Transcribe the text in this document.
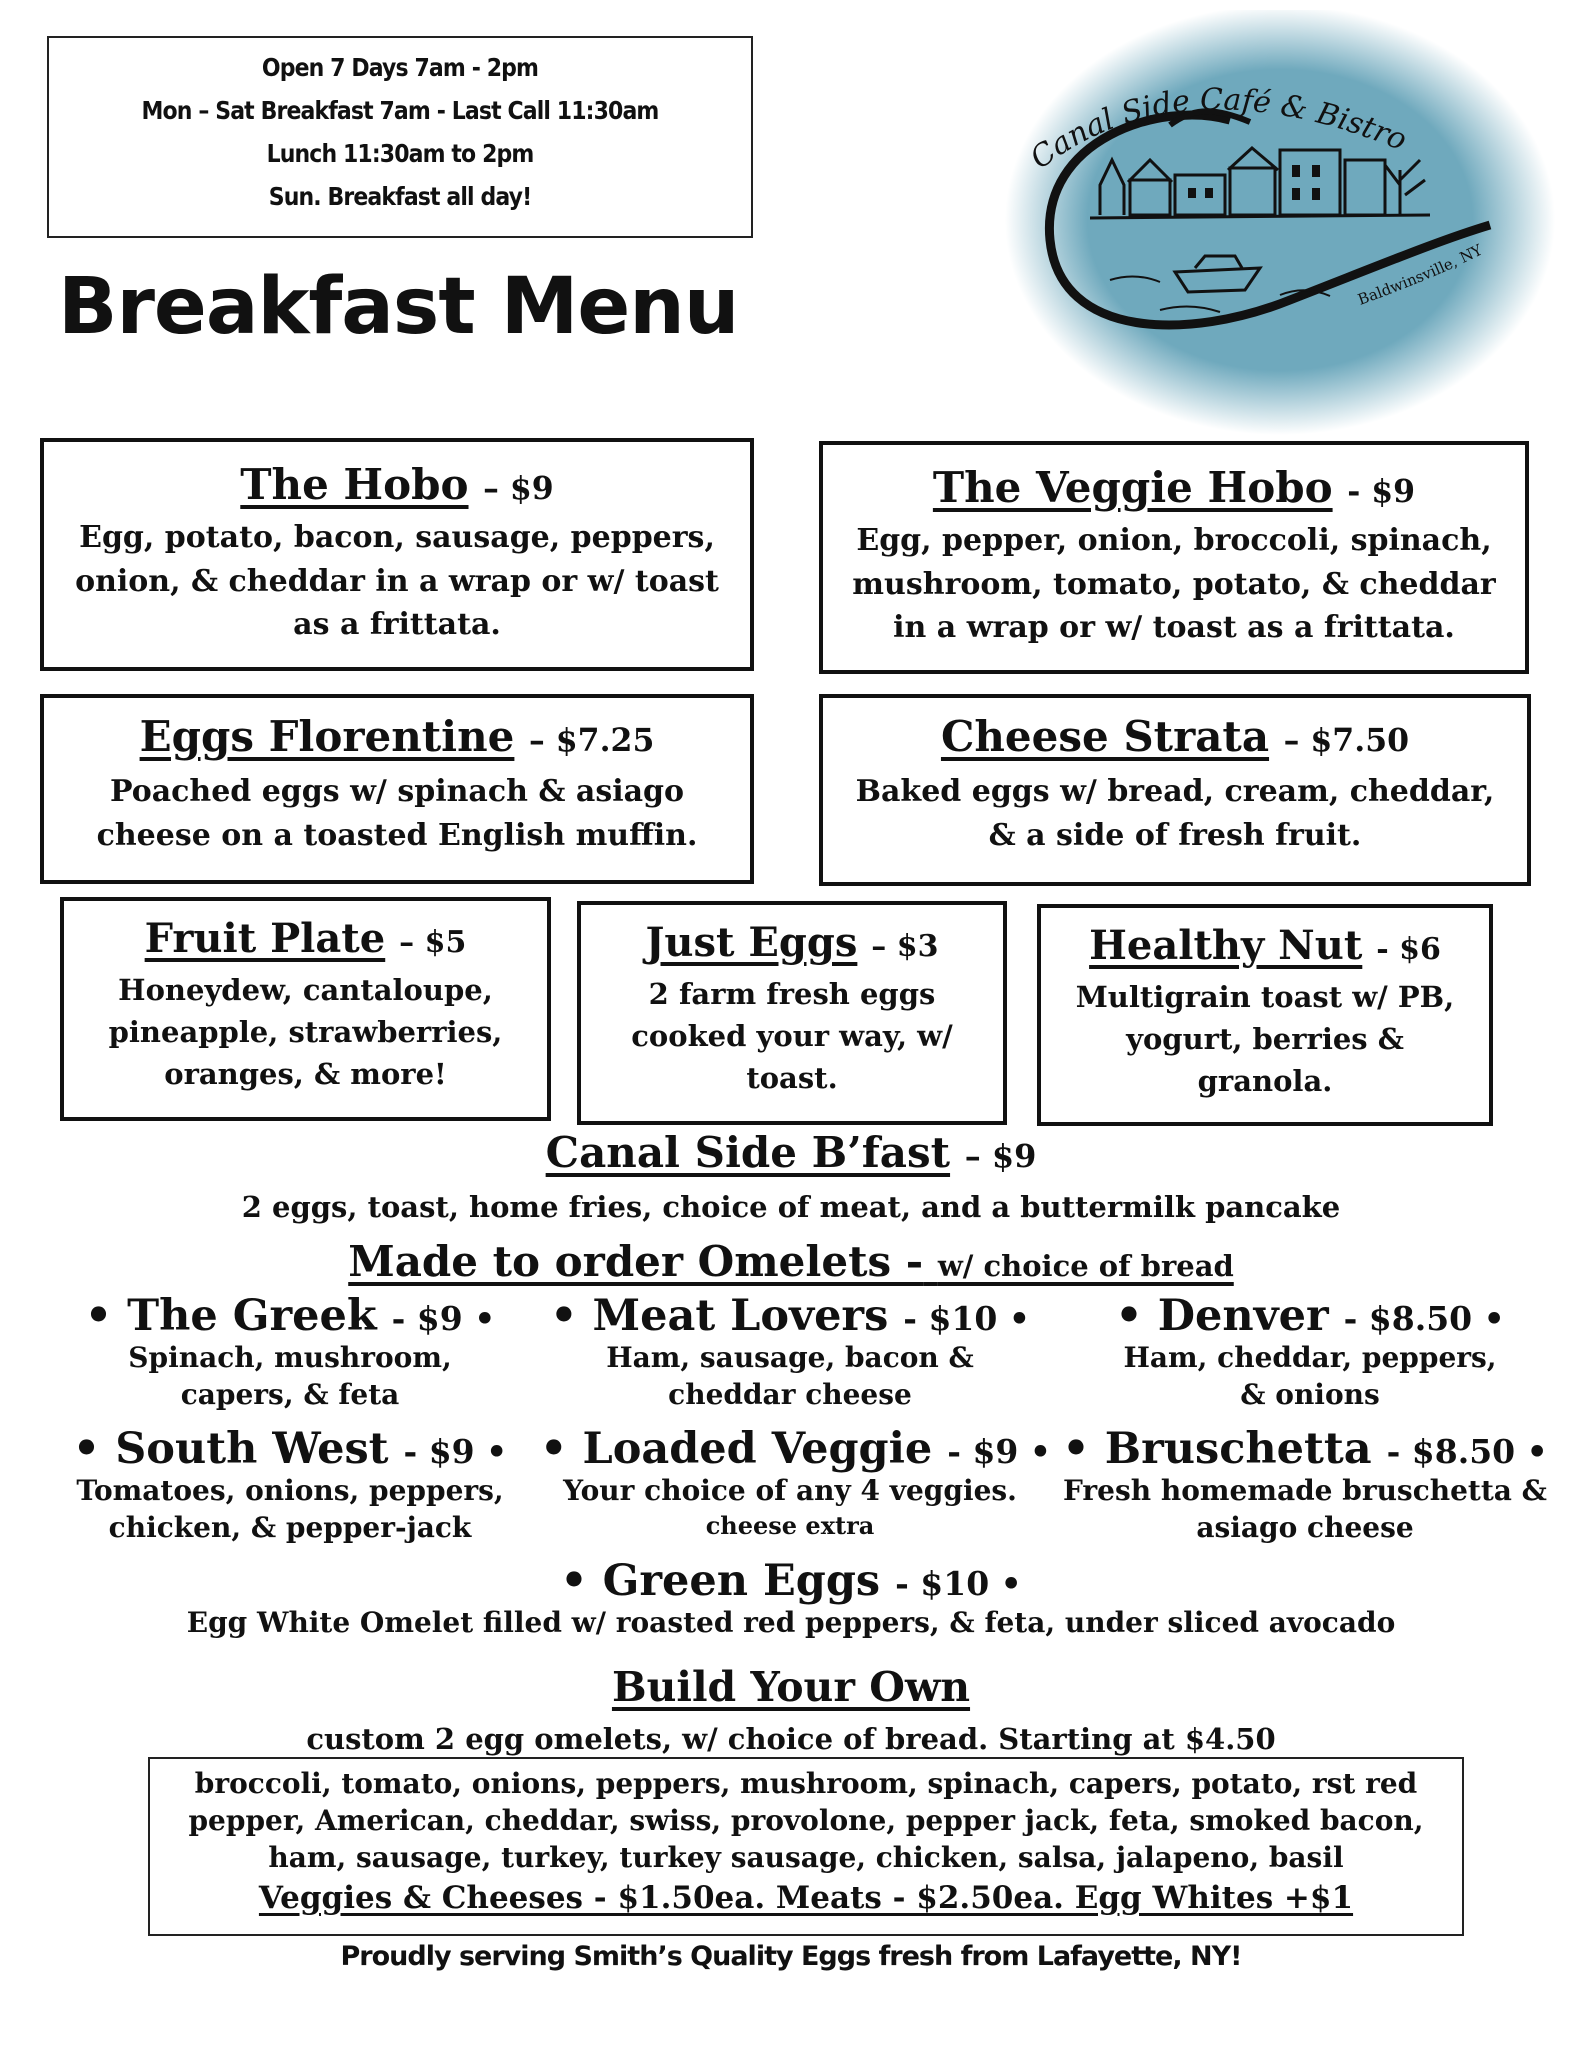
Open 7 Days 7am - 2pm
Mon – Sat Breakfast 7am - Last Call 11:30am
Lunch 11:30am to 2pm
Sun. Breakfast all day!
Breakfast Menu
Canal Side Café & Bistro
Baldwinsville, NY
The Hobo – $9
Egg, potato, bacon, sausage, peppers, onion, & cheddar in a wrap or w/ toast as a frittata.
The Veggie Hobo - $9
Egg, pepper, onion, broccoli, spinach, mushroom, tomato, potato, & cheddar in a wrap or w/ toast as a frittata.
Eggs Florentine – $7.25
Poached eggs w/ spinach & asiago cheese on a toasted English muffin.
Cheese Strata – $7.50
Baked eggs w/ bread, cream, cheddar, & a side of fresh fruit.
Fruit Plate – $5
Honeydew, cantaloupe, pineapple, strawberries, oranges, & more!
Just Eggs – $3
2 farm fresh eggs cooked your way, w/ toast.
Healthy Nut - $6
Multigrain toast w/ PB, yogurt, berries & granola.
Canal Side B’fast – $9
2 eggs, toast, home fries, choice of meat, and a buttermilk pancake
Made to order Omelets - w/ choice of bread
• The Greek - $9 •
Spinach, mushroom, capers, & feta
• Meat Lovers - $10 •
Ham, sausage, bacon & cheddar cheese
• Denver - $8.50 •
Ham, cheddar, peppers, & onions
• South West - $9 •
Tomatoes, onions, peppers, chicken, & pepper-jack
• Loaded Veggie - $9 •
Your choice of any 4 veggies.
cheese extra
• Bruschetta - $8.50 •
Fresh homemade bruschetta & asiago cheese
• Green Eggs - $10 •
Egg White Omelet filled w/ roasted red peppers, & feta, under sliced avocado
Build Your Own
custom 2 egg omelets, w/ choice of bread. Starting at $4.50
broccoli, tomato, onions, peppers, mushroom, spinach, capers, potato, rst red pepper, American, cheddar, swiss, provolone, pepper jack, feta, smoked bacon, ham, sausage, turkey, turkey sausage, chicken, salsa, jalapeno, basil
Veggies & Cheeses - $1.50ea. Meats - $2.50ea. Egg Whites +$1
Proudly serving Smith’s Quality Eggs fresh from Lafayette, NY!
